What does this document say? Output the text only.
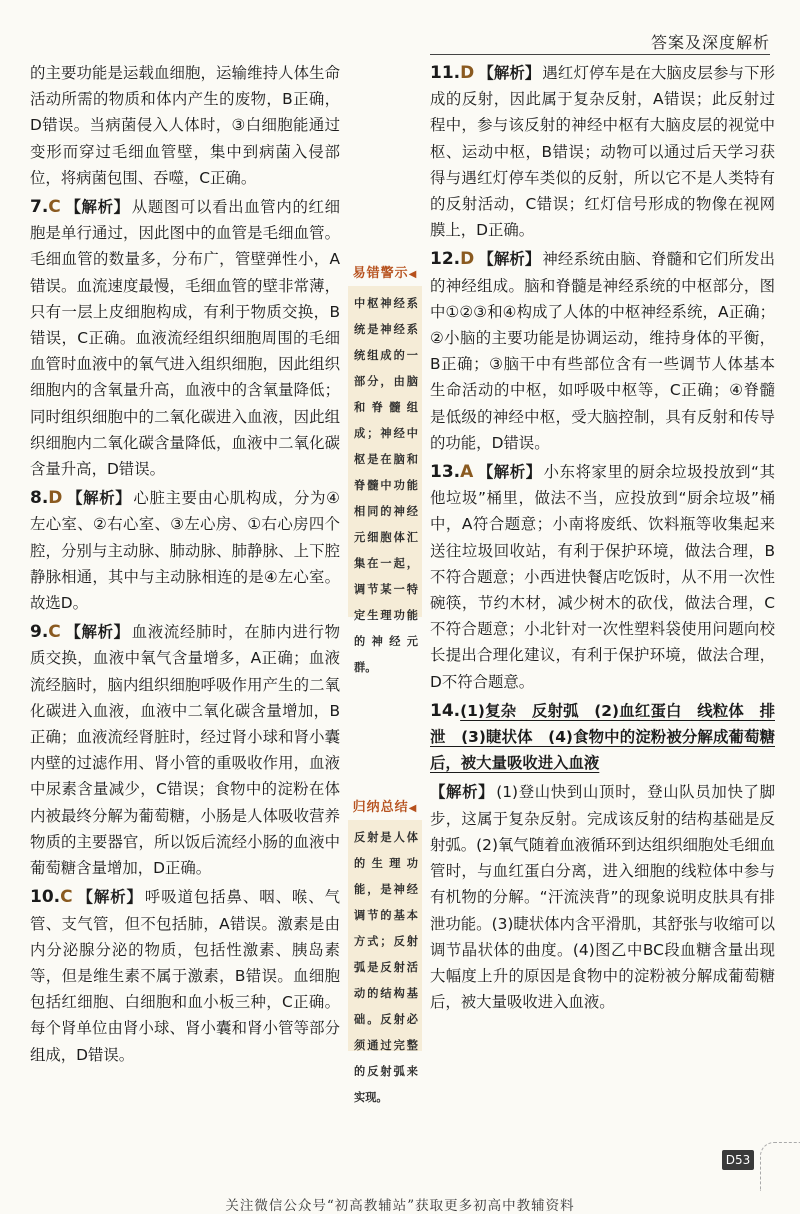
答案及深度解析

的主要功能是运载血细胞，运输维持人体生命活动所需的物质和体内产生的废物，B正确，D错误。当病菌侵入人体时，③白细胞能通过变形而穿过毛细血管壁，集中到病菌入侵部位，将病菌包围、吞噬，C正确。

7.C 【解析】 从题图可以看出血管内的红细胞是单行通过，因此图中的血管是毛细血管。毛细血管的数量多，分布广，管壁弹性小，A错误。血流速度最慢，毛细血管的壁非常薄，只有一层上皮细胞构成，有利于物质交换，B错误，C正确。血液流经组织细胞周围的毛细血管时血液中的氧气进入组织细胞，因此组织细胞内的含氧量升高，血液中的含氧量降低；同时组织细胞中的二氧化碳进入血液，因此组织细胞内二氧化碳含量降低，血液中二氧化碳含量升高，D错误。

8.D 【解析】 心脏主要由心肌构成，分为④左心室、②右心室、③左心房、①右心房四个腔，分别与主动脉、肺动脉、肺静脉、上下腔静脉相通，其中与主动脉相连的是④左心室。故选D。

9.C 【解析】 血液流经肺时，在肺内进行物质交换，血液中氧气含量增多，A正确；血液流经脑时，脑内组织细胞呼吸作用产生的二氧化碳进入血液，血液中二氧化碳含量增加，B正确；血液流经肾脏时，经过肾小球和肾小囊内壁的过滤作用、肾小管的重吸收作用，血液中尿素含量减少，C错误；食物中的淀粉在体内被最终分解为葡萄糖，小肠是人体吸收营养物质的主要器官，所以饭后流经小肠的血液中葡萄糖含量增加，D正确。

10.C 【解析】 呼吸道包括鼻、咽、喉、气管、支气管，但不包括肺，A错误。激素是由内分泌腺分泌的物质，包括性激素、胰岛素等，但是维生素不属于激素，B错误。血细胞包括红细胞、白细胞和血小板三种，C正确。每个肾单位由肾小球、肾小囊和肾小管等部分组成，D错误。

易错警示◀
中枢神经系统是神经系统组成的一部分，由脑和脊髓组成；神经中枢是在脑和脊髓中功能相同的神经元细胞体汇集在一起，调节某一特定生理功能的神经元群。
归纳总结◀
反射是人体的生理功能，是神经调节的基本方式；反射弧是反射活动的结构基础。反射必须通过完整的反射弧来实现。

11.D 【解析】 遇红灯停车是在大脑皮层参与下形成的反射，因此属于复杂反射，A错误；此反射过程中，参与该反射的神经中枢有大脑皮层的视觉中枢、运动中枢，B错误；动物可以通过后天学习获得与遇红灯停车类似的反射，所以它不是人类特有的反射活动，C错误；红灯信号形成的物像在视网膜上，D正确。

12.D 【解析】 神经系统由脑、脊髓和它们所发出的神经组成。脑和脊髓是神经系统的中枢部分，图中①②③和④构成了人体的中枢神经系统，A正确；②小脑的主要功能是协调运动，维持身体的平衡，B正确；③脑干中有些部位含有一些调节人体基本生命活动的中枢，如呼吸中枢等，C正确；④脊髓是低级的神经中枢，受大脑控制，具有反射和传导的功能，D错误。

13.A 【解析】 小东将家里的厨余垃圾投放到“其他垃圾”桶里，做法不当，应投放到“厨余垃圾”桶中，A符合题意；小南将废纸、饮料瓶等收集起来送往垃圾回收站，有利于保护环境，做法合理，B不符合题意；小西进快餐店吃饭时，从不用一次性碗筷，节约木材，减少树木的砍伐，做法合理，C不符合题意；小北针对一次性塑料袋使用问题向校长提出合理化建议，有利于保护环境，做法合理，D不符合题意。

14.(1)复杂　反射弧　(2)血红蛋白　线粒体　排泄　(3)睫状体　(4)食物中的淀粉被分解成葡萄糖后，被大量吸收进入血液

【解析】 (1)登山快到山顶时，登山队员加快了脚步，这属于复杂反射。完成该反射的结构基础是反射弧。(2)氧气随着血液循环到达组织细胞处毛细血管时，与血红蛋白分离，进入细胞的线粒体中参与有机物的分解。“汗流浃背”的现象说明皮肤具有排泄功能。(3)睫状体内含平滑肌，其舒张与收缩可以调节晶状体的曲度。(4)图乙中BC段血糖含量出现大幅度上升的原因是食物中的淀粉被分解成葡萄糖后，被大量吸收进入血液。

D53
关注微信公众号“初高教辅站”获取更多初高中教辅资料
